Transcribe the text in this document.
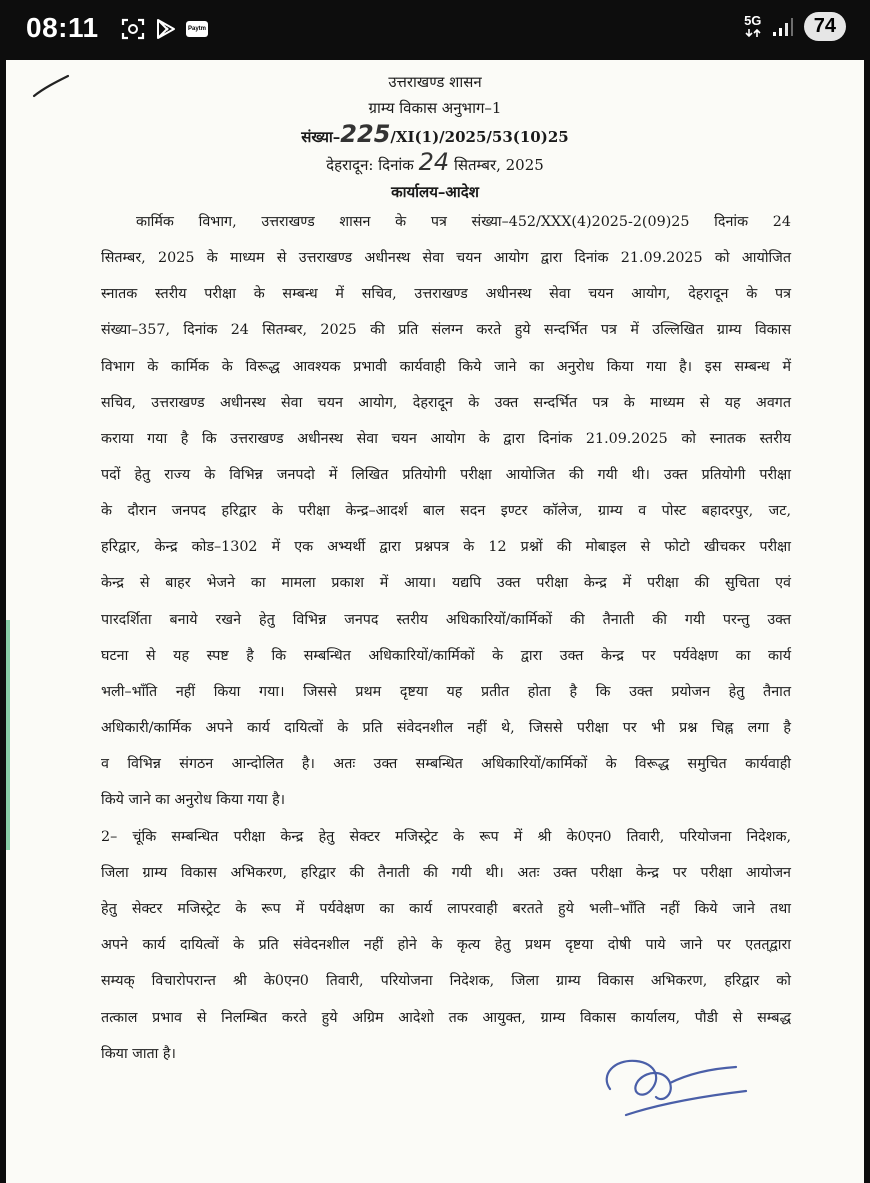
08:11	Paytm
5G	74
उत्तराखण्ड शासन
ग्राम्य विकास अनुभाग–1
संख्या–225/XI(1)/2025/53(10)25
देहरादून: दिनांक 24 सितम्बर, 2025
कार्यालय–आदेश
कार्मिक विभाग, उत्तराखण्ड शासन के पत्र संख्या–452/XXX(4)2025-2(09)25 दिनांक 24
सितम्बर, 2025 के माध्यम से उत्तराखण्ड अधीनस्थ सेवा चयन आयोग द्वारा दिनांक 21.09.2025 को आयोजित
स्नातक स्तरीय परीक्षा के सम्बन्ध में सचिव, उत्तराखण्ड अधीनस्थ सेवा चयन आयोग, देहरादून के पत्र
संख्या–357, दिनांक 24 सितम्बर, 2025 की प्रति संलग्न करते हुये सन्दर्भित पत्र में उल्लिखित ग्राम्य विकास
विभाग के कार्मिक के विरूद्ध आवश्यक प्रभावी कार्यवाही किये जाने का अनुरोध किया गया है। इस सम्बन्ध में
सचिव, उत्तराखण्ड अधीनस्थ सेवा चयन आयोग, देहरादून के उक्त सन्दर्भित पत्र के माध्यम से यह अवगत
कराया गया है कि उत्तराखण्ड अधीनस्थ सेवा चयन आयोग के द्वारा दिनांक 21.09.2025 को स्नातक स्तरीय
पदों हेतु राज्य के विभिन्न जनपदो में लिखित प्रतियोगी परीक्षा आयोजित की गयी थी। उक्त प्रतियोगी परीक्षा
के दौरान जनपद हरिद्वार के परीक्षा केन्द्र–आदर्श बाल सदन इण्टर कॉलेज, ग्राम्य व पोस्ट बहादरपुर, जट,
हरिद्वार, केन्द्र कोड–1302 में एक अभ्यर्थी द्वारा प्रश्नपत्र के 12 प्रश्नों की मोबाइल से फोटो खीचकर परीक्षा
केन्द्र से बाहर भेजने का मामला प्रकाश में आया। यद्यपि उक्त परीक्षा केन्द्र में परीक्षा की सुचिता एवं
पारदर्शिता बनाये रखने हेतु विभिन्न जनपद स्तरीय अधिकारियों/कार्मिकों की तैनाती की गयी परन्तु उक्त
घटना से यह स्पष्ट है कि सम्बन्धित अधिकारियों/कार्मिकों के द्वारा उक्त केन्द्र पर पर्यवेक्षण का कार्य
भली–भाँति नहीं किया गया। जिससे प्रथम दृष्टया यह प्रतीत होता है कि उक्त प्रयोजन हेतु तैनात
अधिकारी/कार्मिक अपने कार्य दायित्वों के प्रति संवेदनशील नहीं थे, जिससे परीक्षा पर भी प्रश्न चिह्न लगा है
व विभिन्न संगठन आन्दोलित है। अतः उक्त सम्बन्धित अधिकारियों/कार्मिकों के विरूद्ध समुचित कार्यवाही
किये जाने का अनुरोध किया गया है।
2– चूंकि सम्बन्धित परीक्षा केन्द्र हेतु सेक्टर मजिस्ट्रेट के रूप में श्री के0एन0 तिवारी, परियोजना निदेशक,
जिला ग्राम्य विकास अभिकरण, हरिद्वार की तैनाती की गयी थी। अतः उक्त परीक्षा केन्द्र पर परीक्षा आयोजन
हेतु सेक्टर मजिस्ट्रेट के रूप में पर्यवेक्षण का कार्य लापरवाही बरतते हुये भली–भाँति नहीं किये जाने तथा
अपने कार्य दायित्वों के प्रति संवेदनशील नहीं होने के कृत्य हेतु प्रथम दृष्टया दोषी पाये जाने पर एतत्‌द्वारा
सम्यक् विचारोपरान्त श्री के0एन0 तिवारी, परियोजना निदेशक, जिला ग्राम्य विकास अभिकरण, हरिद्वार को
तत्काल प्रभाव से निलम्बित करते हुये अग्रिम आदेशो तक आयुक्त, ग्राम्य विकास कार्यालय, पौडी से सम्बद्ध
किया जाता है।
